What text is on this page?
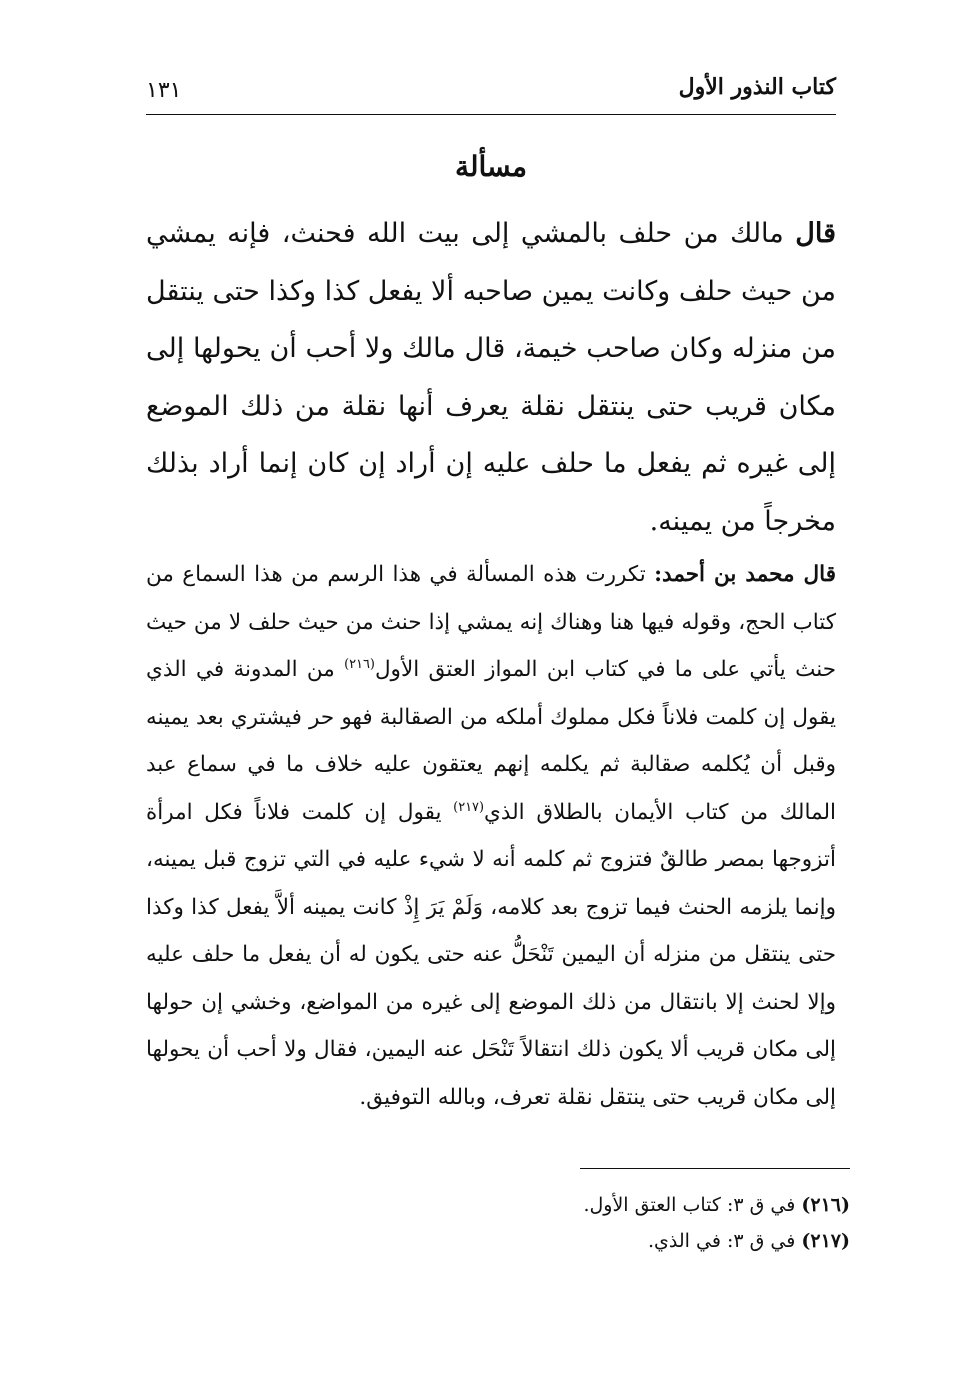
كتاب النذور الأول
١٣١
مسألة
قال مالك من حلف بالمشي إلى بيت الله فحنث، فإنه يمشي من حيث حلف وكانت يمين صاحبه ألا يفعل كذا وكذا حتى ينتقل من منزله وكان صاحب خيمة، قال مالك ولا أحب أن يحولها إلى مكان قريب حتى ينتقل نقلة يعرف أنها نقلة من ذلك الموضع إلى غيره ثم يفعل ما حلف عليه إن أراد إن كان إنما أراد بذلك مخرجاً من يمينه.
قال محمد بن أحمد: تكررت هذه المسألة في هذا الرسم من هذا السماع من كتاب الحج، وقوله فيها هنا وهناك إنه يمشي إذا حنث من حيث حلف لا من حيث حنث يأتي على ما في كتاب ابن المواز العتق الأول$^{(٢١٦)}$ من المدونة في الذي يقول إن كلمت فلاناً فكل مملوك أملكه من الصقالبة فهو حر فيشتري بعد يمينه وقبل أن يُكلمه صقالبة ثم يكلمه إنهم يعتقون عليه خلاف ما في سماع عبد المالك من كتاب الأيمان بالطلاق الذي$^{(٢١٧)}$ يقول إن كلمت فلاناً فكل امرأة أتزوجها بمصر طالقٌ فتزوج ثم كلمه أنه لا شيء عليه في التي تزوج قبل يمينه، وإنما يلزمه الحنث فيما تزوج بعد كلامه، وَلَمْ يَرَ إِذْ كانت يمينه ألاَّ يفعل كذا وكذا حتى ينتقل من منزله أن اليمين تَنْحَلُّ عنه حتى يكون له أن يفعل ما حلف عليه وإلا لحنث إلا بانتقال من ذلك الموضع إلى غيره من المواضع، وخشي إن حولها إلى مكان قريب ألا يكون ذلك انتقالاً تَنْحَل عنه اليمين، فقال ولا أحب أن يحولها إلى مكان قريب حتى ينتقل نقلة تعرف، وبالله التوفيق.
(٢١٦) في ق ٣: كتاب العتق الأول.
(٢١٧) في ق ٣: في الذي.
